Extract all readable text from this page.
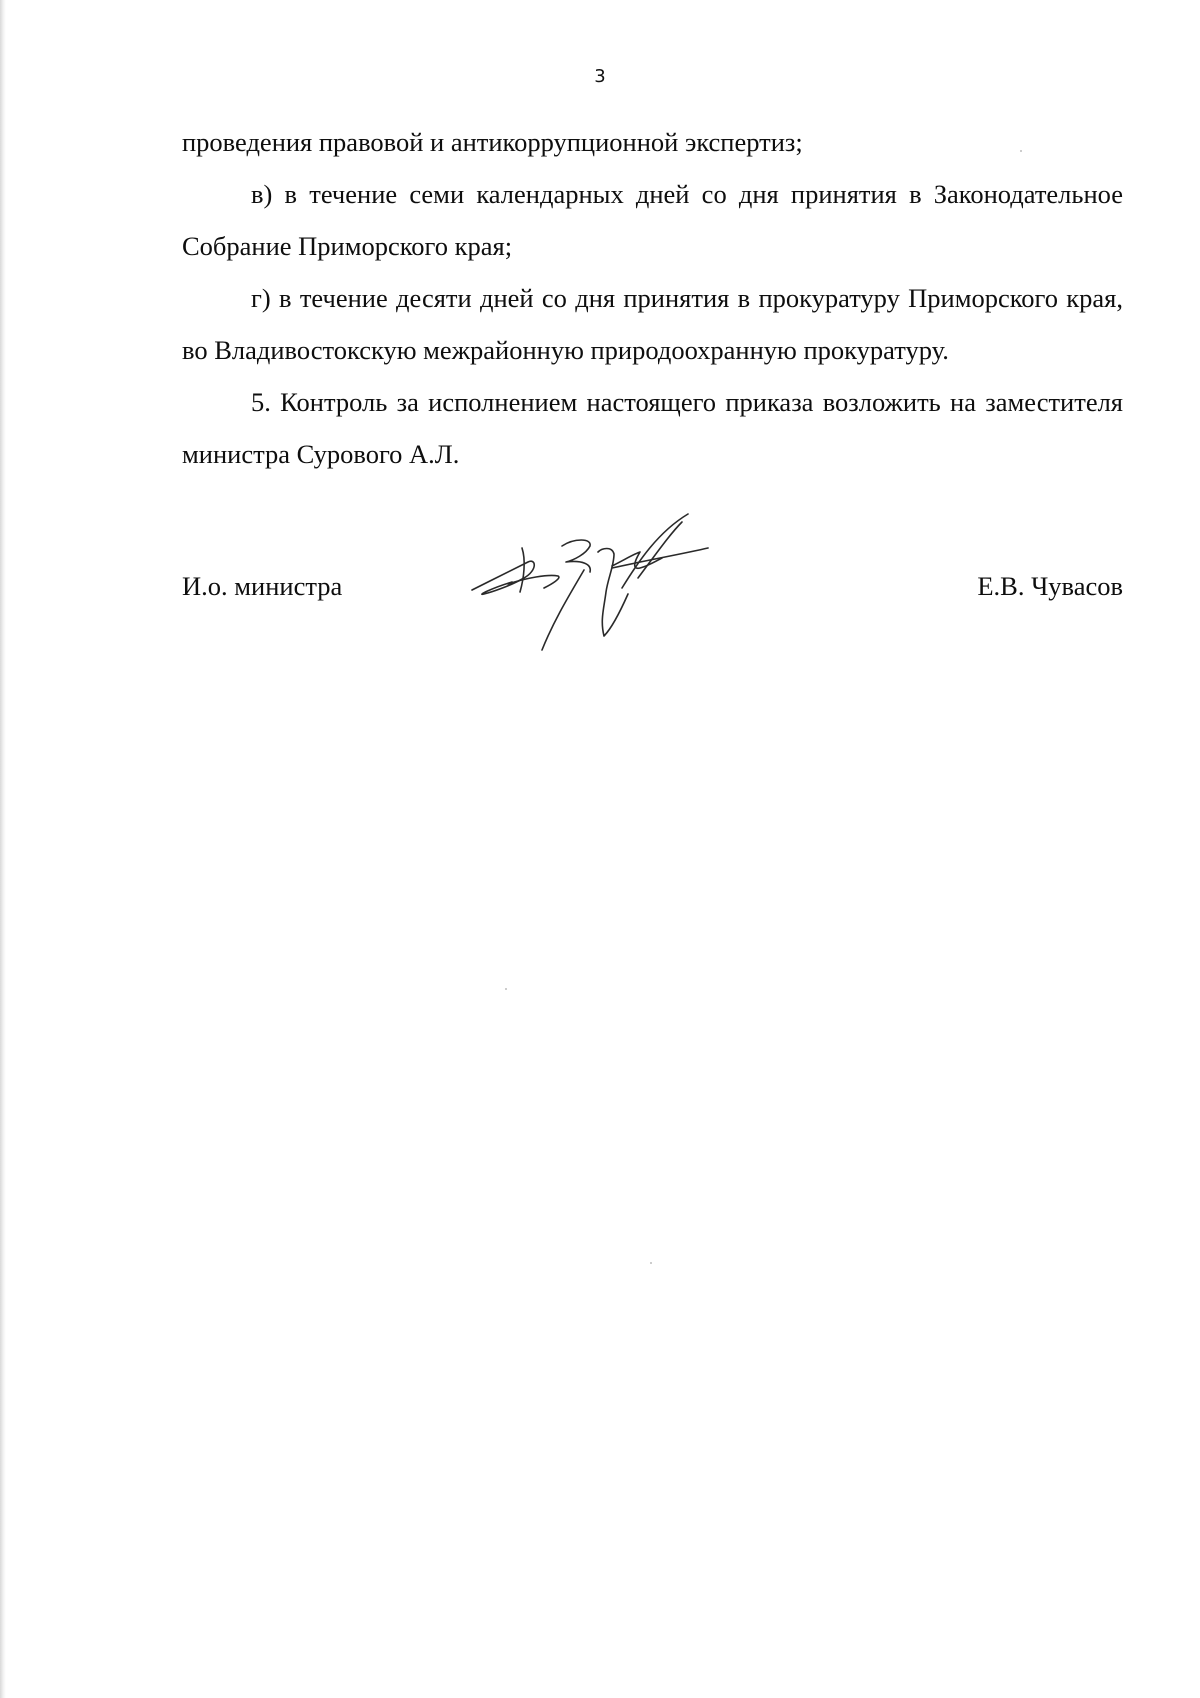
3

проведения правовой и антикоррупционной экспертиз;

в) в течение семи календарных дней со дня принятия в Законодательное Собрание Приморского края;

г) в течение десяти дней со дня принятия в прокуратуру Приморского края, во Владивостокскую межрайонную природоохранную прокуратуру.

5. Контроль за исполнением настоящего приказа возложить на заместителя министра Сурового А.Л.

И.о. министра	Е.В. Чувасов
